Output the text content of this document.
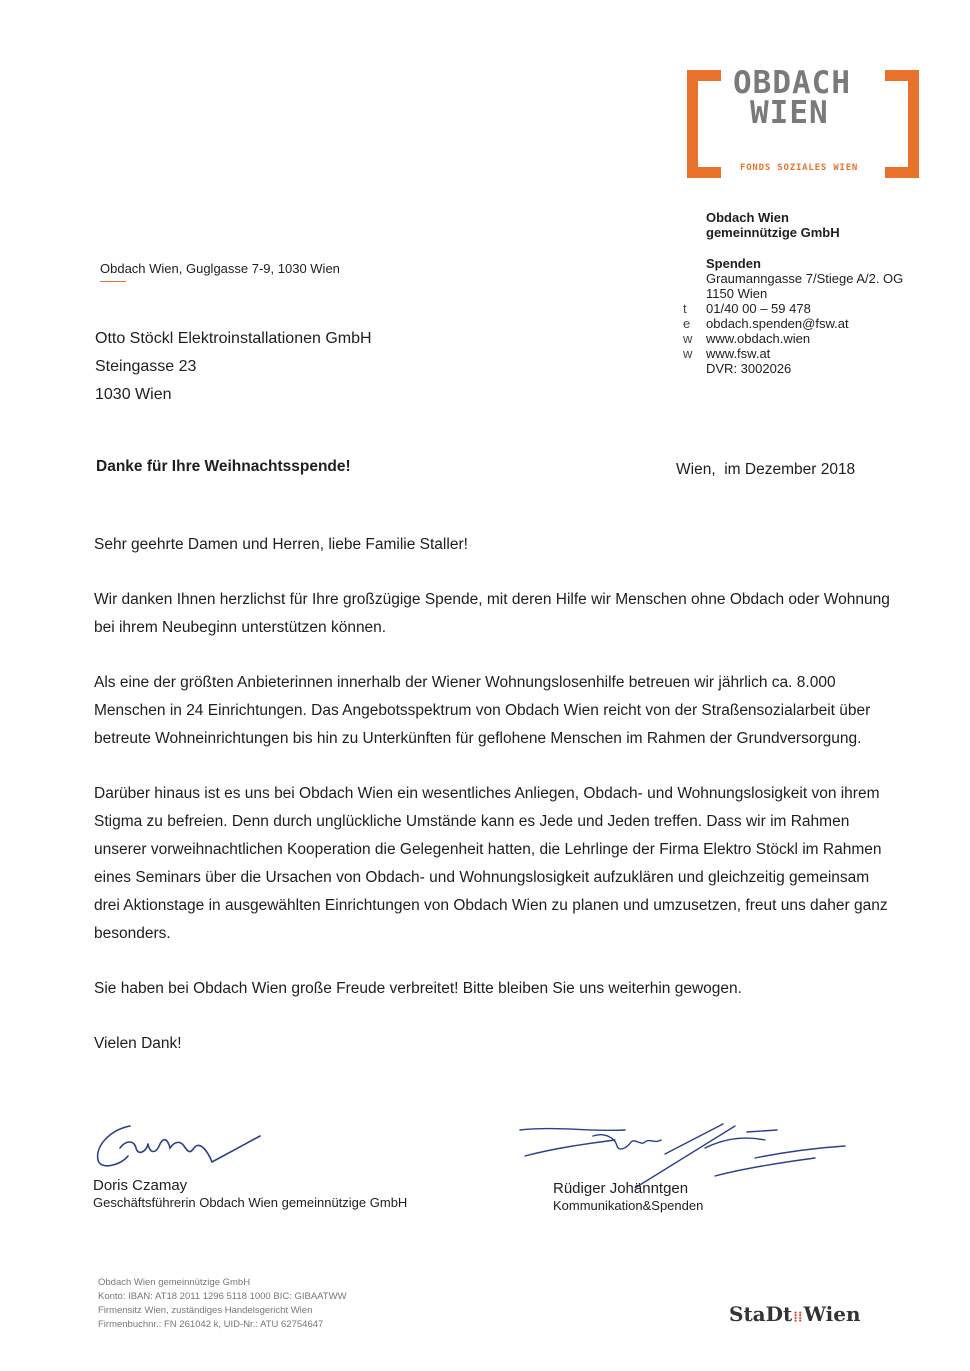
OBDACH
WIEN
FONDS SOZIALES WIEN
Obdach Wien
gemeinnützige GmbH
Spenden
Graumanngasse 7/Stiege A/2. OG
1150 Wien
t	01/40 00 – 59 478
e obdach.spenden@fsw.at
w www.obdach.wien
w www.fsw.at
DVR: 3002026
Obdach Wien, Guglgasse 7-9, 1030 Wien
Otto Stöckl Elektroinstallationen GmbH
Steingasse 23
1030 Wien
Danke für Ihre Weihnachtsspende!	Wien,  im Dezember 2018

Sehr geehrte Damen und Herren, liebe Familie Staller!

Wir danken Ihnen herzlichst für Ihre großzügige Spende, mit deren Hilfe wir Menschen ohne Obdach oder Wohnung bei ihrem Neubeginn unterstützen können.

Als eine der größten Anbieterinnen innerhalb der Wiener Wohnungslosenhilfe betreuen wir jährlich ca. 8.000 Menschen in 24 Einrichtungen. Das Angebotsspektrum von Obdach Wien reicht von der Straßensozialarbeit über betreute Wohneinrichtungen bis hin zu Unterkünften für geflohene Menschen im Rahmen der Grundversorgung.

Darüber hinaus ist es uns bei Obdach Wien ein wesentliches Anliegen, Obdach- und Wohnungslosigkeit von ihrem Stigma zu befreien. Denn durch unglückliche Umstände kann es Jede und Jeden treffen. Dass wir im Rahmen unserer vorweihnachtlichen Kooperation die Gelegenheit hatten, die Lehrlinge der Firma Elektro Stöckl im Rahmen eines Seminars über die Ursachen von Obdach- und Wohnungslosigkeit aufzuklären und gleichzeitig gemeinsam drei Aktionstage in ausgewählten Einrichtungen von Obdach Wien zu planen und umzusetzen, freut uns daher ganz besonders.

Sie haben bei Obdach Wien große Freude verbreitet! Bitte bleiben Sie uns weiterhin gewogen.

Vielen Dank!

Doris Czamay
Geschäftsführerin Obdach Wien gemeinnützige GmbH
Rüdiger Johänntgen
Kommunikation&Spenden
Obdach Wien gemeinnützige GmbH
Konto: IBAN: AT18 2011 1296 5118 1000 BIC: GIBAATWW
Firmensitz Wien, zuständiges Handelsgericht Wien
Firmenbuchnr.: FN 261042 k, UID-Nr.: ATU 62754647	StaDt⁞⁞Wien
